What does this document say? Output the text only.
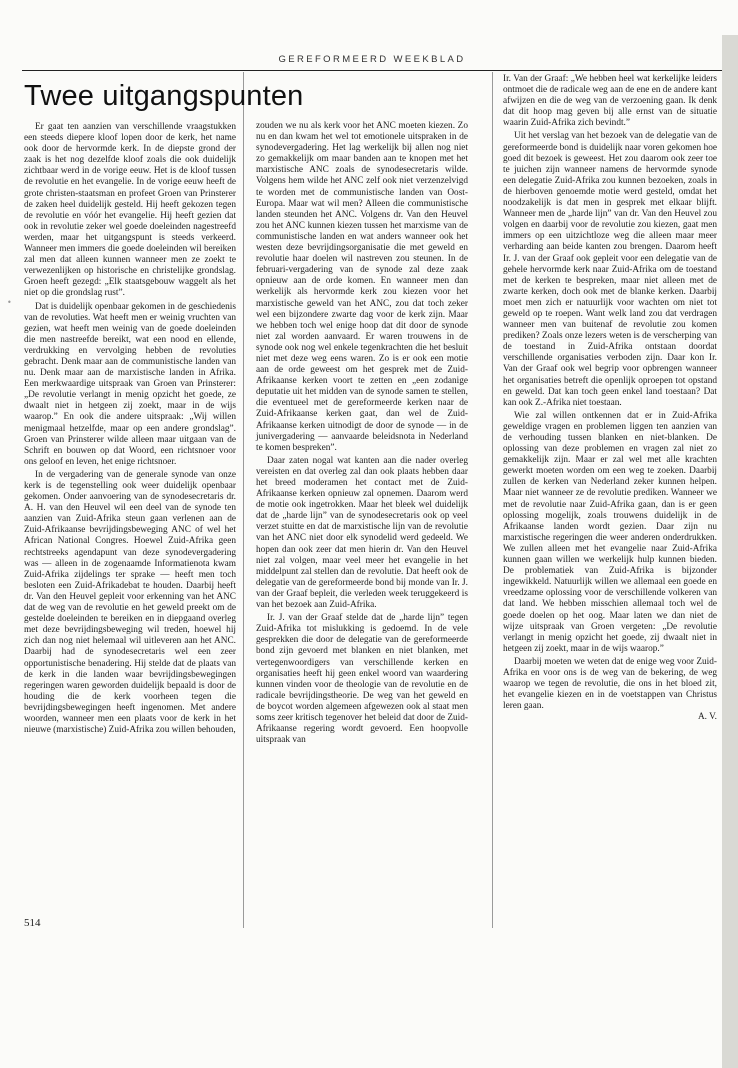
GEREFORMEERD WEEKBLAD
Twee uitgangspunten
•

Er gaat ten aanzien van verschillende vraagstukken een steeds diepere kloof lopen door de kerk, het name ook door de hervormde kerk. In de diepste grond der zaak is het nog dezelfde kloof zoals die ook duidelijk zichtbaar werd in de vorige eeuw. Het is de kloof tussen de revolutie en het evangelie. In de vorige eeuw heeft de grote christen-staatsman en profeet Groen van Prinsterer de zaken heel duidelijk gesteld. Hij heeft gekozen tegen de revolutie en vóór het evangelie. Hij heeft gezien dat ook in revolutie zeker wel goede doeleinden nagestreefd werden, maar het uitgangspunt is steeds verkeerd. Wanneer men immers die goede doeleinden wil bereiken zal men dat alleen kunnen wanneer men ze zoekt te verwezenlijken op historische en christelijke grondslag. Groen heeft gezegd: „Elk staatsgebouw waggelt als het niet op die grondslag rust”.

Dat is duidelijk openbaar gekomen in de geschiedenis van de revoluties. Wat heeft men er weinig vruchten van gezien, wat heeft men weinig van de goede doeleinden die men nastreefde bereikt, wat een nood en ellende, verdrukking en vervolging hebben de revoluties gebracht. Denk maar aan de communistische landen van nu. Denk maar aan de marxistische landen in Afrika. Een merkwaardige uitspraak van Groen van Prinsterer: „De revolutie verlangt in menig opzicht het goede, ze dwaalt niet in hetgeen zij zoekt, maar in de wijs waarop.” En ook die andere uitspraak: „Wij willen menigmaal hetzelfde, maar op een andere grondslag”. Groen van Prinsterer wilde alleen maar uitgaan van de Schrift en bouwen op dat Woord, een richtsnoer voor ons geloof en leven, het enige richtsnoer.

In de vergadering van de generale synode van onze kerk is de tegenstelling ook weer duidelijk openbaar gekomen. Onder aanvoering van de synodesecretaris dr. A. H. van den Heuvel wil een deel van de synode ten aanzien van Zuid-Afrika steun gaan verlenen aan de Zuid-Afrikaanse bevrijdingsbeweging ANC of wel het African National Congres. Hoewel Zuid-Afrika geen rechtstreeks agendapunt van deze synodevergadering was — alleen in de zogenaamde Informatienota kwam Zuid-Afrika zijdelings ter sprake — heeft men toch besloten een Zuid-Afrikadebat te houden. Daarbij heeft dr. Van den Heuvel gepleit voor erkenning van het ANC dat de weg van de revolutie en het geweld preekt om de gestelde doeleinden te bereiken en in diepgaand overleg met deze bevrijdingsbeweging wil treden, hoewel hij zich dan nog niet helemaal wil uitleveren aan het ANC. Daarbij had de synodesecretaris wel een zeer opportunistische benadering. Hij stelde dat de plaats van de kerk in die landen waar bevrijdingsbewegingen regeringen waren geworden duidelijk bepaald is door de houding die de kerk voorheen tegen die bevrijdingsbewegingen heeft ingenomen. Met andere woorden, wanneer men een plaats voor de kerk in het nieuwe (marxistische) Zuid-Afrika zou willen behouden,

zouden we nu als kerk voor het ANC moeten kiezen. Zo nu en dan kwam het wel tot emotionele uitspraken in de synodevergadering. Het lag werkelijk bij allen nog niet zo gemakkelijk om maar banden aan te knopen met het marxistische ANC zoals de synodesecretaris wilde. Volgens hem wilde het ANC zelf ook niet verzenzelvigd te worden met de communistische landen van Oost-Europa. Maar wat wil men? Alleen die communistische landen steunden het ANC. Volgens dr. Van den Heuvel zou het ANC kunnen kiezen tussen het marxisme van de communistische landen en wat anders wanneer ook het westen deze bevrijdingsorganisatie die met geweld en revolutie haar doelen wil nastreven zou steunen. In de februari-vergadering van de synode zal deze zaak opnieuw aan de orde komen. En wanneer men dan werkelijk als hervormde kerk zou kiezen voor het marxistische geweld van het ANC, zou dat toch zeker wel een bijzondere zwarte dag voor de kerk zijn. Maar we hebben toch wel enige hoop dat dit door de synode niet zal worden aanvaard. Er waren trouwens in de synode ook nog wel enkele tegenkrachten die het besluit niet met deze weg eens waren. Zo is er ook een motie aan de orde geweest om het gesprek met de Zuid-Afrikaanse kerken voort te zetten en „een zodanige deputatie uit het midden van de synode samen te stellen, die eventueel met de gereformeerde kerken naar de Zuid-Afrikaanse kerken gaat, dan wel de Zuid-Afrikaanse kerken uitnodigt de door de synode — in de junivergadering — aanvaarde beleidsnota in Nederland te komen bespreken”.

Daar zaten nogal wat kanten aan die nader overleg vereisten en dat overleg zal dan ook plaats hebben daar het breed moderamen het contact met de Zuid-Afrikaanse kerken opnieuw zal opnemen. Daarom werd de motie ook ingetrokken. Maar het bleek wel duidelijk dat de „harde lijn” van de synodesecretaris ook op veel verzet stuitte en dat de marxistische lijn van de revolutie van het ANC niet door elk synodelid werd gedeeld. We hopen dan ook zeer dat men hierin dr. Van den Heuvel niet zal volgen, maar veel meer het evangelie in het middelpunt zal stellen dan de revolutie. Dat heeft ook de delegatie van de gereformeerde bond bij monde van Ir. J. van der Graaf bepleit, die verleden week teruggekeerd is van het bezoek aan Zuid-Afrika.

Ir. J. van der Graaf stelde dat de „harde lijn” tegen Zuid-Afrika tot mislukking is gedoemd. In de vele gesprekken die door de delegatie van de gereformeerde bond zijn gevoerd met blanken en niet blanken, met vertegenwoordigers van verschillende kerken en organisaties heeft hij geen enkel woord van waardering kunnen vinden voor de theologie van de revolutie en de radicale bevrijdingstheorie. De weg van het geweld en de boycot worden algemeen afgewezen ook al staat men soms zeer kritisch tegenover het beleid dat door de Zuid-Afrikaanse regering wordt gevoerd. Een hoopvolle uitspraak van

Ir. Van der Graaf: „We hebben heel wat kerkelijke leiders ontmoet die de radicale weg aan de ene en de andere kant afwijzen en die de weg van de verzoening gaan. Ik denk dat dit hoop mag geven bij alle ernst van de situatie waarin Zuid-Afrika zich bevindt.”

Uit het verslag van het bezoek van de delegatie van de gereformeerde bond is duidelijk naar voren gekomen hoe goed dit bezoek is geweest. Het zou daarom ook zeer toe te juichen zijn wanneer namens de hervormde synode een delegatie Zuid-Afrika zou kunnen bezoeken, zoals in de hierboven genoemde motie werd gesteld, omdat het noodzakelijk is dat men in gesprek met elkaar blijft. Wanneer men de „harde lijn” van dr. Van den Heuvel zou volgen en daarbij voor de revolutie zou kiezen, gaat men immers op een uitzichtloze weg die alleen maar meer verharding aan beide kanten zou brengen. Daarom heeft Ir. J. van der Graaf ook gepleit voor een delegatie van de gehele hervormde kerk naar Zuid-Afrika om de toestand met de kerken te bespreken, maar niet alleen met de zwarte kerken, doch ook met de blanke kerken. Daarbij moet men zich er natuurlijk voor wachten om niet tot geweld op te roepen. Want welk land zou dat verdragen wanneer men van buitenaf de revolutie zou komen prediken? Zoals onze lezers weten is de verscherping van de toestand in Zuid-Afrika ontstaan doordat verschillende organisaties verboden zijn. Daar kon Ir. Van der Graaf ook wel begrip voor opbrengen wanneer het organisaties betreft die openlijk oproepen tot opstand en geweld. Dat kan toch geen enkel land toestaan? Dat kan ook Z.-Afrika niet toestaan.

Wie zal willen ontkennen dat er in Zuid-Afrika geweldige vragen en problemen liggen ten aanzien van de verhouding tussen blanken en niet-blanken. De oplossing van deze problemen en vragen zal niet zo gemakkelijk zijn. Maar er zal wel met alle krachten gewerkt moeten worden om een weg te zoeken. Daarbij zullen de kerken van Nederland zeker kunnen helpen. Maar niet wanneer ze de revolutie prediken. Wanneer we met de revolutie naar Zuid-Afrika gaan, dan is er geen oplossing mogelijk, zoals trouwens duidelijk in de Afrikaanse landen wordt gezien. Daar zijn nu marxistische regeringen die weer anderen onderdrukken. We zullen alleen met het evangelie naar Zuid-Afrika kunnen gaan willen we werkelijk hulp kunnen bieden. De problematiek van Zuid-Afrika is bijzonder ingewikkeld. Natuurlijk willen we allemaal een goede en vreedzame oplossing voor de verschillende volkeren van dat land. We hebben misschien allemaal toch wel de goede doelen op het oog. Maar laten we dan niet de wijze uitspraak van Groen vergeten: „De revolutie verlangt in menig opzicht het goede, zij dwaalt niet in hetgeen zij zoekt, maar in de wijs waarop.”

Daarbij moeten we weten dat de enige weg voor Zuid-Afrika en voor ons is de weg van de bekering, de weg waarop we tegen de revolutie, die ons in het bloed zit, het evangelie kiezen en in de voetstappen van Christus leren gaan.

A. V.
514
